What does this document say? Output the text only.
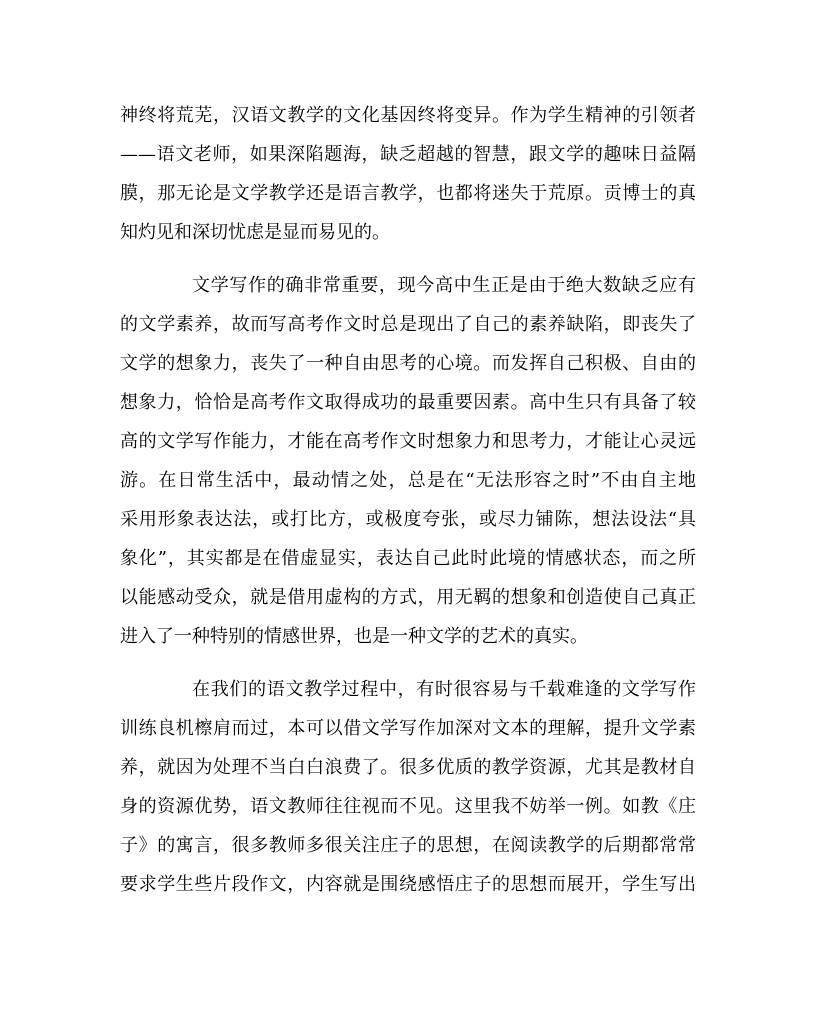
神终将荒芜，汉语文教学的文化基因终将变异。作为学生精神的引领者
——语文老师，如果深陷题海，缺乏超越的智慧，跟文学的趣味日益隔
膜，那无论是文学教学还是语言教学，也都将迷失于荒原。贡博士的真
知灼见和深切忧虑是显而易见的。
文学写作的确非常重要，现今高中生正是由于绝大数缺乏应有
的文学素养，故而写高考作文时总是现出了自己的素养缺陷，即丧失了
文学的想象力，丧失了一种自由思考的心境。而发挥自己积极、自由的
想象力，恰恰是高考作文取得成功的最重要因素。高中生只有具备了较
高的文学写作能力，才能在高考作文时想象力和思考力，才能让心灵远
游。在日常生活中，最动情之处，总是在“无法形容之时”不由自主地
采用形象表达法，或打比方，或极度夸张，或尽力铺陈，想法设法“具
象化”，其实都是在借虚显实，表达自己此时此境的情感状态，而之所
以能感动受众，就是借用虚构的方式，用无羁的想象和创造使自己真正
进入了一种特别的情感世界，也是一种文学的艺术的真实。
在我们的语文教学过程中，有时很容易与千载难逢的文学写作
训练良机檫肩而过，本可以借文学写作加深对文本的理解，提升文学素
养，就因为处理不当白白浪费了。很多优质的教学资源，尤其是教材自
身的资源优势，语文教师往往视而不见。这里我不妨举一例。如教《庄
子》的寓言，很多教师多很关注庄子的思想，在阅读教学的后期都常常
要求学生些片段作文，内容就是围绕感悟庄子的思想而展开，学生写出
